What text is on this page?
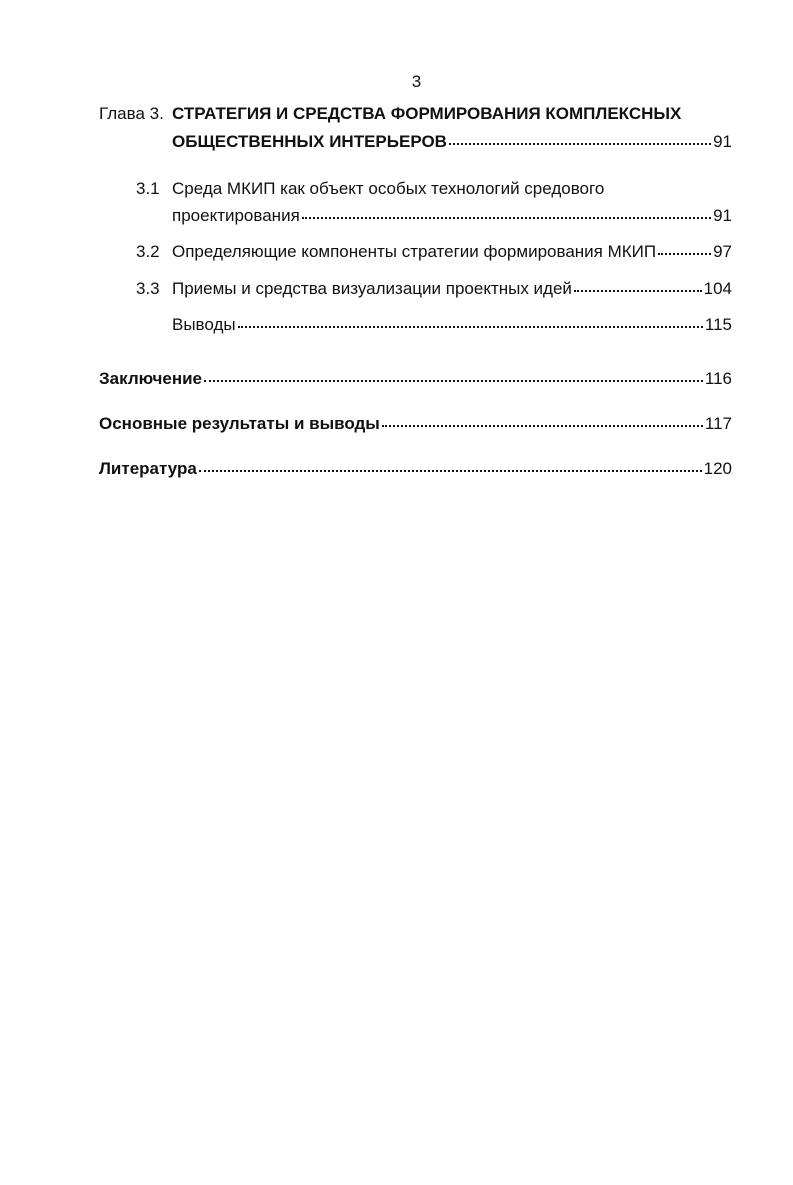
3
Глава 3. СТРАТЕГИЯ И СРЕДСТВА ФОРМИРОВАНИЯ КОМПЛЕКСНЫХ
ОБЩЕСТВЕННЫХ ИНТЕРЬЕРОВ	91
3.1 Среда МКИП как объект особых технологий средового
проектирования	91
3.2 Определяющие компоненты стратегии формирования МКИП	97
3.3 Приемы и средства визуализации проектных идей	104
Выводы	115
Заключение	116
Основные результаты и выводы	117
Литература	120
